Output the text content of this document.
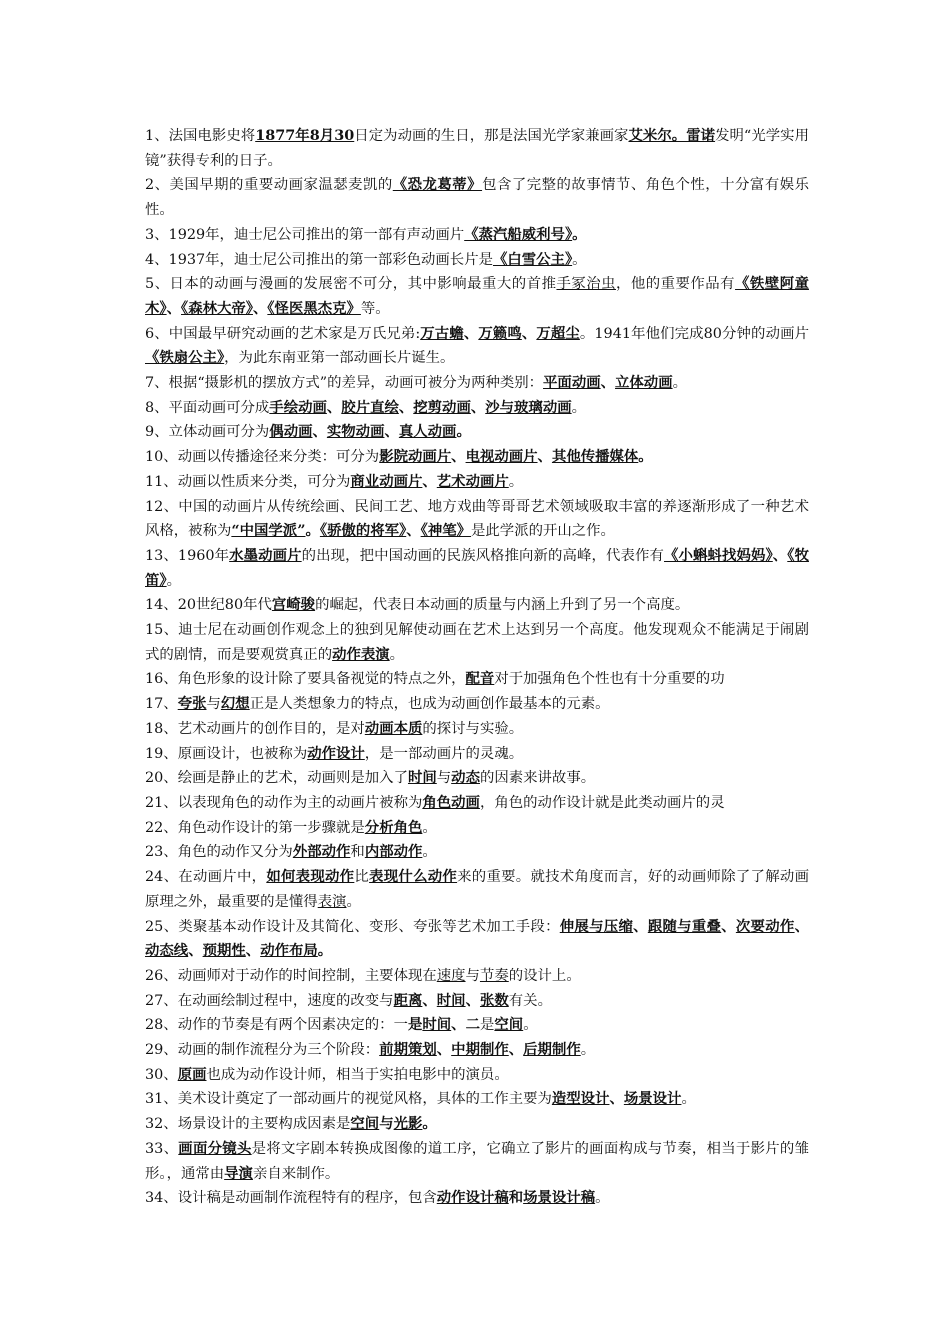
1、法国电影史将1877年8月30日定为动画的生日，那是法国光学家兼画家艾米尔。雷诺发明“光学实用镜”获得专利的日子。

2、美国早期的重要动画家温瑟麦凯的《恐龙葛蒂》包含了完整的故事情节、角色个性，十分富有娱乐性。

3、1929年，迪士尼公司推出的第一部有声动画片《蒸汽船威利号》。

4、1937年，迪士尼公司推出的第一部彩色动画长片是《白雪公主》。

5、日本的动画与漫画的发展密不可分，其中影响最重大的首推手冢治虫，他的重要作品有《铁壁阿童木》、《森林大帝》、《怪医黑杰克》等。

6、中国最早研究动画的艺术家是万氏兄弟:万古蟾、万籁鸣、万超尘。1941年他们完成80分钟的动画片《铁扇公主》，为此东南亚第一部动画长片诞生。

7、根据“摄影机的摆放方式”的差异，动画可被分为两种类别：平面动画、立体动画。

8、平面动画可分成手绘动画、胶片直绘、挖剪动画、沙与玻璃动画。

9、立体动画可分为偶动画、实物动画、真人动画。

10、动画以传播途径来分类：可分为影院动画片、电视动画片、其他传播媒体。

11、动画以性质来分类，可分为商业动画片、艺术动画片。

12、中国的动画片从传统绘画、民间工艺、地方戏曲等哥哥艺术领域吸取丰富的养逐渐形成了一种艺术风格，被称为“中国学派”。《骄傲的将军》、《神笔》是此学派的开山之作。

13、1960年水墨动画片的出现，把中国动画的民族风格推向新的高峰，代表作有《小蝌蚪找妈妈》、《牧笛》。

14、20世纪80年代宫崎骏的崛起，代表日本动画的质量与内涵上升到了另一个高度。

15、迪士尼在动画创作观念上的独到见解使动画在艺术上达到另一个高度。他发现观众不能满足于闹剧式的剧情，而是要观赏真正的动作表演。

16、角色形象的设计除了要具备视觉的特点之外，配音对于加强角色个性也有十分重要的功

17、夸张与幻想正是人类想象力的特点，也成为动画创作最基本的元素。

18、艺术动画片的创作目的，是对动画本质的探讨与实验。

19、原画设计，也被称为动作设计，是一部动画片的灵魂。

20、绘画是静止的艺术，动画则是加入了时间与动态的因素来讲故事。

21、以表现角色的动作为主的动画片被称为角色动画，角色的动作设计就是此类动画片的灵

22、角色动作设计的第一步骤就是分析角色。

23、角色的动作又分为外部动作和内部动作。

24、在动画片中，如何表现动作比表现什么动作来的重要。就技术角度而言，好的动画师除了了解动画原理之外，最重要的是懂得表演。

25、类聚基本动作设计及其简化、变形、夸张等艺术加工手段：伸展与压缩、跟随与重叠、次要动作、动态线、预期性、动作布局。

26、动画师对于动作的时间控制，主要体现在速度与节奏的设计上。

27、在动画绘制过程中，速度的改变与距离、时间、张数有关。

28、动作的节奏是有两个因素决定的：一是时间、二是空间。

29、动画的制作流程分为三个阶段：前期策划、中期制作、后期制作。

30、原画也成为动作设计师，相当于实拍电影中的演员。

31、美术设计奠定了一部动画片的视觉风格，具体的工作主要为造型设计、场景设计。

32、场景设计的主要构成因素是空间与光影。

33、画面分镜头是将文字剧本转换成图像的道工序，它确立了影片的画面构成与节奏，相当于影片的雏形。，通常由导演亲自来制作。

34、设计稿是动画制作流程特有的程序，包含动作设计稿和场景设计稿。
